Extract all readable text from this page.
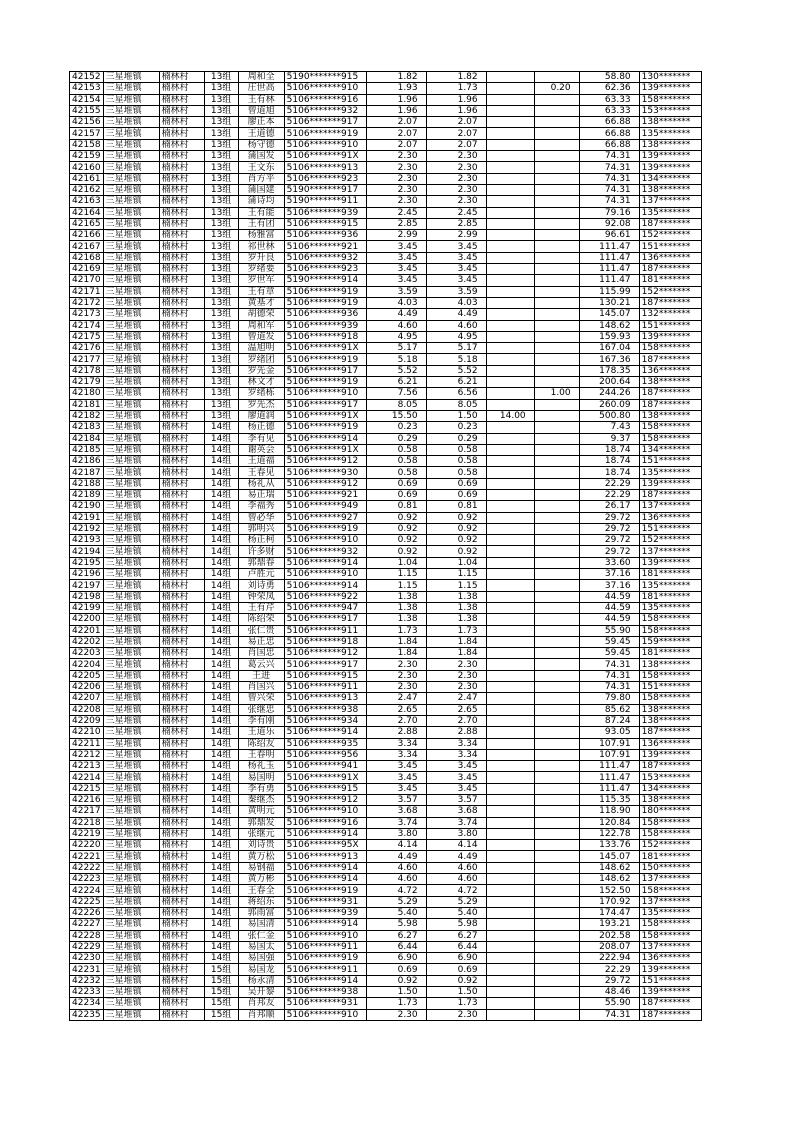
42152	三星堆镇	楠林村	13组	周和全	5190*******915	1.82	1.82			58.80	130*******
42153	三星堆镇	楠林村	13组	庄世高	5106*******910	1.93	1.73		0.20	62.36	139*******
42154	三星堆镇	楠林村	13组	王有林	5106*******916	1.96	1.96			63.33	158*******
42155	三星堆镇	楠林村	13组	曾道旭	5106*******932	1.96	1.96			63.33	153*******
42156	三星堆镇	楠林村	13组	廖正本	5106*******917	2.07	2.07			66.88	138*******
42157	三星堆镇	楠林村	13组	王道德	5106*******919	2.07	2.07			66.88	135*******
42158	三星堆镇	楠林村	13组	杨守德	5106*******910	2.07	2.07			66.88	138*******
42159	三星堆镇	楠林村	13组	蒲国发	5106*******91X	2.30	2.30			74.31	139*******
42160	三星堆镇	楠林村	13组	王文东	5106*******913	2.30	2.30			74.31	139*******
42161	三星堆镇	楠林村	13组	肖方平	5106*******923	2.30	2.30			74.31	134*******
42162	三星堆镇	楠林村	13组	蒲国建	5190*******917	2.30	2.30			74.31	138*******
42163	三星堆镇	楠林村	13组	蒲诗均	5190*******911	2.30	2.30			74.31	137*******
42164	三星堆镇	楠林村	13组	王有能	5106*******939	2.45	2.45			79.16	135*******
42165	三星堆镇	楠林村	13组	王有团	5106*******915	2.85	2.85			92.08	187*******
42166	三星堆镇	楠林村	13组	杨雅富	5106*******936	2.99	2.99			96.61	152*******
42167	三星堆镇	楠林村	13组	祁世林	5106*******921	3.45	3.45			111.47	151*******
42168	三星堆镇	楠林村	13组	罗升良	5106*******932	3.45	3.45			111.47	136*******
42169	三星堆镇	楠林村	13组	罗绪要	5106*******923	3.45	3.45			111.47	187*******
42170	三星堆镇	楠林村	13组	罗世军	5190*******914	3.45	3.45			111.47	181*******
42171	三星堆镇	楠林村	13组	王有章	5106*******919	3.59	3.59			115.99	152*******
42172	三星堆镇	楠林村	13组	黄基才	5106*******919	4.03	4.03			130.21	187*******
42173	三星堆镇	楠林村	13组	胡德荣	5106*******936	4.49	4.49			145.07	132*******
42174	三星堆镇	楠林村	13组	周和军	5106*******939	4.60	4.60			148.62	151*******
42175	三星堆镇	楠林村	13组	曾道发	5106*******918	4.95	4.95			159.93	139*******
42176	三星堆镇	楠林村	13组	温旭明	5106*******91X	5.17	5.17			167.04	158*******
42177	三星堆镇	楠林村	13组	罗绪团	5106*******919	5.18	5.18			167.36	187*******
42178	三星堆镇	楠林村	13组	罗先金	5106*******917	5.52	5.52			178.35	136*******
42179	三星堆镇	楠林村	13组	林文才	5106*******919	6.21	6.21			200.64	138*******
42180	三星堆镇	楠林村	13组	罗绪栋	5106*******910	7.56	6.56		1.00	244.26	187*******
42181	三星堆镇	楠林村	13组	罗先杰	5106*******917	8.05	8.05			260.09	187*******
42182	三星堆镇	楠林村	13组	廖道润	5106*******91X	15.50	1.50	14.00		500.80	138*******
42183	三星堆镇	楠林村	14组	杨正德	5106*******919	0.23	0.23			7.43	158*******
42184	三星堆镇	楠林村	14组	李有见	5106*******914	0.29	0.29			9.37	158*******
42185	三星堆镇	楠林村	14组	谢英会	5106*******91X	0.58	0.58			18.74	134*******
42186	三星堆镇	楠林村	14组	王道福	5106*******912	0.58	0.58			18.74	151*******
42187	三星堆镇	楠林村	14组	王春见	5106*******930	0.58	0.58			18.74	135*******
42188	三星堆镇	楠林村	14组	杨礼从	5106*******912	0.69	0.69			22.29	139*******
42189	三星堆镇	楠林村	14组	易正瑞	5106*******921	0.69	0.69			22.29	187*******
42190	三星堆镇	楠林村	14组	李福秀	5106*******949	0.81	0.81			26.17	137*******
42191	三星堆镇	楠林村	14组	曾必华	5106*******927	0.92	0.92			29.72	136*******
42192	三星堆镇	楠林村	14组	郭明兴	5106*******919	0.92	0.92			29.72	151*******
42193	三星堆镇	楠林村	14组	杨正柯	5106*******910	0.92	0.92			29.72	152*******
42194	三星堆镇	楠林村	14组	许多财	5106*******932	0.92	0.92			29.72	137*******
42195	三星堆镇	楠林村	14组	郭鼎春	5106*******914	1.04	1.04			33.60	139*******
42196	三星堆镇	楠林村	14组	卢胜元	5106*******910	1.15	1.15			37.16	181*******
42197	三星堆镇	楠林村	14组	刘诗勇	5106*******914	1.15	1.15			37.16	135*******
42198	三星堆镇	楠林村	14组	钟荣凤	5106*******922	1.38	1.38			44.59	181*******
42199	三星堆镇	楠林村	14组	王有芹	5106*******947	1.38	1.38			44.59	135*******
42200	三星堆镇	楠林村	14组	陈绍荣	5106*******917	1.38	1.38			44.59	158*******
42201	三星堆镇	楠林村	14组	张仁贵	5106*******911	1.73	1.73			55.90	158*******
42202	三星堆镇	楠林村	14组	易正忠	5106*******918	1.84	1.84			59.45	159*******
42203	三星堆镇	楠林村	14组	肖国忠	5106*******912	1.84	1.84			59.45	181*******
42204	三星堆镇	楠林村	14组	葛云兴	5106*******917	2.30	2.30			74.31	138*******
42205	三星堆镇	楠林村	14组	王进	5106*******915	2.30	2.30			74.31	158*******
42206	三星堆镇	楠林村	14组	肖国兴	5106*******911	2.30	2.30			74.31	151*******
42207	三星堆镇	楠林村	14组	曾兴荣	5106*******913	2.47	2.47			79.80	158*******
42208	三星堆镇	楠林村	14组	张继忠	5106*******938	2.65	2.65			85.62	138*******
42209	三星堆镇	楠林村	14组	李有刚	5106*******934	2.70	2.70			87.24	138*******
42210	三星堆镇	楠林村	14组	王道乐	5106*******914	2.88	2.88			93.05	187*******
42211	三星堆镇	楠林村	14组	陈绍友	5106*******935	3.34	3.34			107.91	136*******
42212	三星堆镇	楠林村	14组	王春明	5106*******956	3.34	3.34			107.91	139*******
42213	三星堆镇	楠林村	14组	杨礼玉	5106*******941	3.45	3.45			111.47	187*******
42214	三星堆镇	楠林村	14组	易国明	5106*******91X	3.45	3.45			111.47	153*******
42215	三星堆镇	楠林村	14组	李有勇	5106*******915	3.45	3.45			111.47	134*******
42216	三星堆镇	楠林村	14组	秦继杰	5190*******912	3.57	3.57			115.35	138*******
42217	三星堆镇	楠林村	14组	黄明元	5106*******910	3.68	3.68			118.90	180*******
42218	三星堆镇	楠林村	14组	郭鼎发	5106*******916	3.74	3.74			120.84	158*******
42219	三星堆镇	楠林村	14组	张继元	5106*******914	3.80	3.80			122.78	158*******
42220	三星堆镇	楠林村	14组	刘诗贵	5106*******95X	4.14	4.14			133.76	152*******
42221	三星堆镇	楠林村	14组	黄万松	5106*******913	4.49	4.49			145.07	181*******
42222	三星堆镇	楠林村	14组	易钢福	5106*******914	4.60	4.60			148.62	150*******
42223	三星堆镇	楠林村	14组	黄万彬	5106*******914	4.60	4.60			148.62	137*******
42224	三星堆镇	楠林村	14组	王春全	5106*******919	4.72	4.72			152.50	158*******
42225	三星堆镇	楠林村	14组	蒋绍东	5106*******931	5.29	5.29			170.92	137*******
42226	三星堆镇	楠林村	14组	郭雨富	5106*******939	5.40	5.40			174.47	135*******
42227	三星堆镇	楠林村	14组	易国清	5106*******914	5.98	5.98			193.21	158*******
42228	三星堆镇	楠林村	14组	张仁金	5106*******910	6.27	6.27			202.58	158*******
42229	三星堆镇	楠林村	14组	易国太	5106*******911	6.44	6.44			208.07	137*******
42230	三星堆镇	楠林村	14组	易国强	5106*******919	6.90	6.90			222.94	136*******
42231	三星堆镇	楠林村	15组	易国龙	5106*******911	0.69	0.69			22.29	139*******
42232	三星堆镇	楠林村	15组	杨永清	5106*******914	0.92	0.92			29.72	151*******
42233	三星堆镇	楠林村	15组	吴开黎	5106*******938	1.50	1.50			48.46	139*******
42234	三星堆镇	楠林村	15组	肖邦友	5106*******931	1.73	1.73			55.90	187*******
42235	三星堆镇	楠林村	15组	肖邦顺	5106*******910	2.30	2.30			74.31	187*******
